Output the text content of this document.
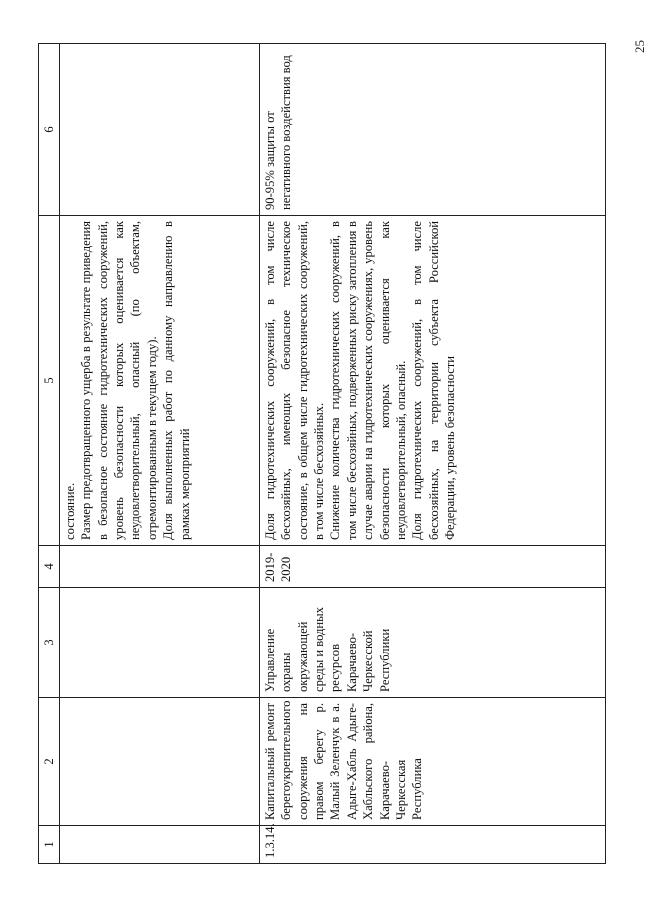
25
1	2	3	4	5	6

				состояние. Размер предотвращенного ущерба в результате приведения в безопасное состояние гидротехнических сооружений, уровень безопасности которых оценивается как неудовлетворительный, опасный (по объектам, отремонтированным в текущем году). Доля выполненных работ по данному направлению в рамках мероприятий	

1.3.14.	Капитальный ремонт берегоукрепительного сооружения на правом берегу р. Малый Зеленчук в а. Адыге-Хабль Адыге-Хабльского района, Карачаево-Черкесская Республика	Управление охраны окружающей среды и водных ресурсов Карачаево-Черкесской Республики	2019-2020	Доля гидротехнических сооружений, в том числе бесхозяйных, имеющих безопасное техническое состояние, в общем числе гидротехнических сооружений, в том числе бесхозяйных. Снижение количества гидротехнических сооружений, в том числе бесхозяйных, подверженных риску затопления в случае аварии на гидротехнических сооружениях, уровень безопасности которых оценивается как неудовлетворительный, опасный. Доля гидротехнических сооружений, в том числе бесхозяйных, на территории субъекта Российской Федерации, уровень безопасности	90-95% защиты от негативного воздействия вод
